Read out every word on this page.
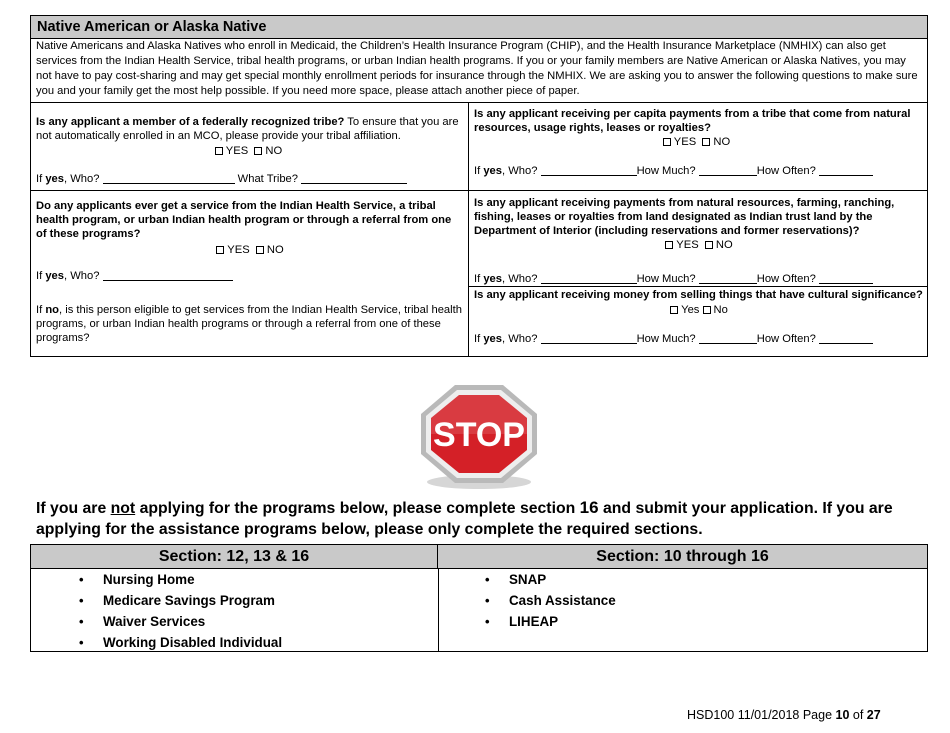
Native American or Alaska Native
Native Americans and Alaska Natives who enroll in Medicaid, the Children’s Health Insurance Program (CHIP), and the Health Insurance Marketplace (NMHIX) can also get services from the Indian Health Service, tribal health programs, or urban Indian health programs. If you or your family members are Native American or Alaska Natives, you may not have to pay cost-sharing and may get special monthly enrollment periods for insurance through the NMHIX. We are asking you to answer the following questions to make sure you and your family get the most help possible. If you need more space, please attach another piece of paper.
Is any applicant a member of a federally recognized tribe? To ensure that you are not automatically enrolled in an MCO, please provide your tribal affiliation.
YES NO
If yes, Who?	What Tribe?
Is any applicant receiving per capita payments from a tribe that come from natural resources, usage rights, leases or royalties?
YES NO
If yes, Who?	How Much?	How Often?
Do any applicants ever get a service from the Indian Health Service, a tribal health program, or urban Indian health program or through a referral from one of these programs?
YES NO
If yes, Who?
If no, is this person eligible to get services from the Indian Health Service, tribal health programs, or urban Indian health programs or through a referral from one of these programs?
Is any applicant receiving payments from natural resources, farming, ranching, fishing, leases or royalties from land designated as Indian trust land by the Department of Interior (including reservations and former reservations)?
YES NO
If yes, Who?	How Much?	How Often?
Is any applicant receiving money from selling things that have cultural significance?
Yes No
If yes, Who?	How Much?	How Often?
STOP
If you are not applying for the programs below, please complete section 16 and submit your application. If you are applying for the assistance programs below, please only complete the required sections.
Section: 12, 13 & 16	Section: 10 through 16
• Nursing Home
• Medicare Savings Program
• Waiver Services
• Working Disabled Individual
• SNAP
• Cash Assistance
• LIHEAP
HSD100 11/01/2018 Page 10 of 27
